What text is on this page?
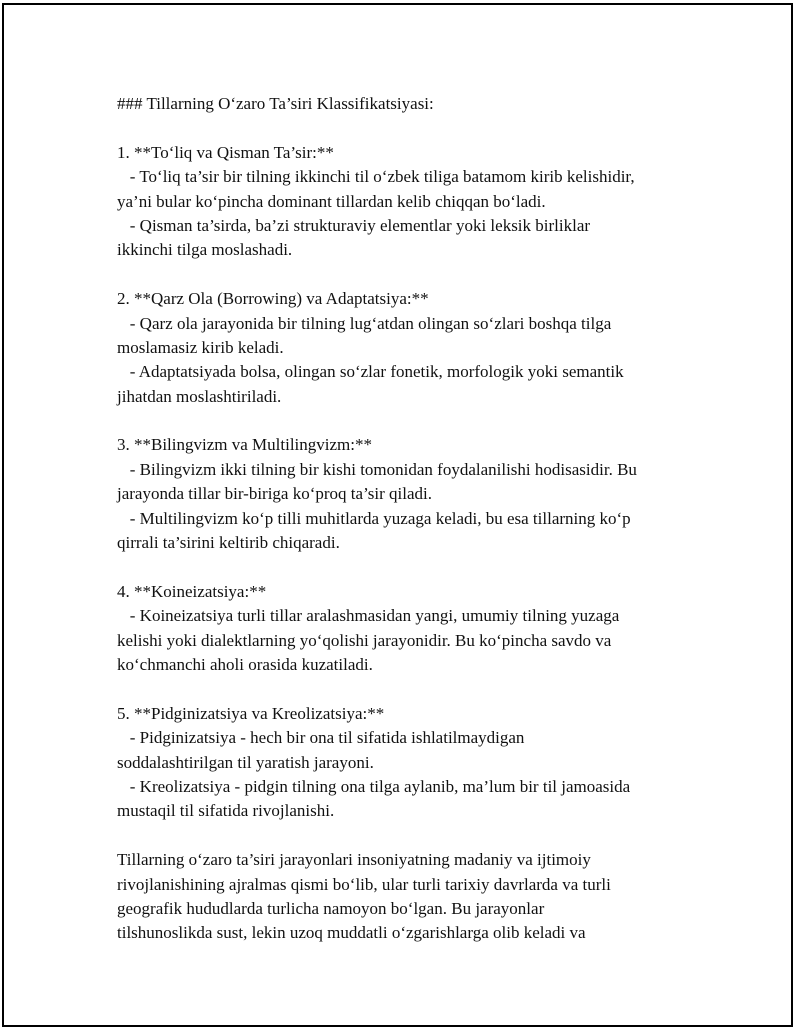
### Tillarning O‘zaro Ta’siri Klassifikatsiyasi:
1. **To‘liq va Qisman Ta’sir:**
- To‘liq ta’sir bir tilning ikkinchi til o‘zbek tiliga batamom kirib kelishidir,
ya’ni bular ko‘pincha dominant tillardan kelib chiqqan bo‘ladi.
- Qisman ta’sirda, ba’zi strukturaviy elementlar yoki leksik birliklar
ikkinchi tilga moslashadi.
2. **Qarz Ola (Borrowing) va Adaptatsiya:**
- Qarz ola jarayonida bir tilning lug‘atdan olingan so‘zlari boshqa tilga
moslamasiz kirib keladi.
- Adaptatsiyada bolsa, olingan so‘zlar fonetik, morfologik yoki semantik
jihatdan moslashtiriladi.
3. **Bilingvizm va Multilingvizm:**
- Bilingvizm ikki tilning bir kishi tomonidan foydalanilishi hodisasidir. Bu
jarayonda tillar bir-biriga ko‘proq ta’sir qiladi.
- Multilingvizm ko‘p tilli muhitlarda yuzaga keladi, bu esa tillarning ko‘p
qirrali ta’sirini keltirib chiqaradi.
4. **Koineizatsiya:**
- Koineizatsiya turli tillar aralashmasidan yangi, umumiy tilning yuzaga
kelishi yoki dialektlarning yo‘qolishi jarayonidir. Bu ko‘pincha savdo va
ko‘chmanchi aholi orasida kuzatiladi.
5. **Pidginizatsiya va Kreolizatsiya:**
- Pidginizatsiya - hech bir ona til sifatida ishlatilmaydigan
soddalashtirilgan til yaratish jarayoni.
- Kreolizatsiya - pidgin tilning ona tilga aylanib, ma’lum bir til jamoasida
mustaqil til sifatida rivojlanishi.
Tillarning o‘zaro ta’siri jarayonlari insoniyatning madaniy va ijtimoiy
rivojlanishining ajralmas qismi bo‘lib, ular turli tarixiy davrlarda va turli
geografik hududlarda turlicha namoyon bo‘lgan. Bu jarayonlar
tilshunoslikda sust, lekin uzoq muddatli o‘zgarishlarga olib keladi va
